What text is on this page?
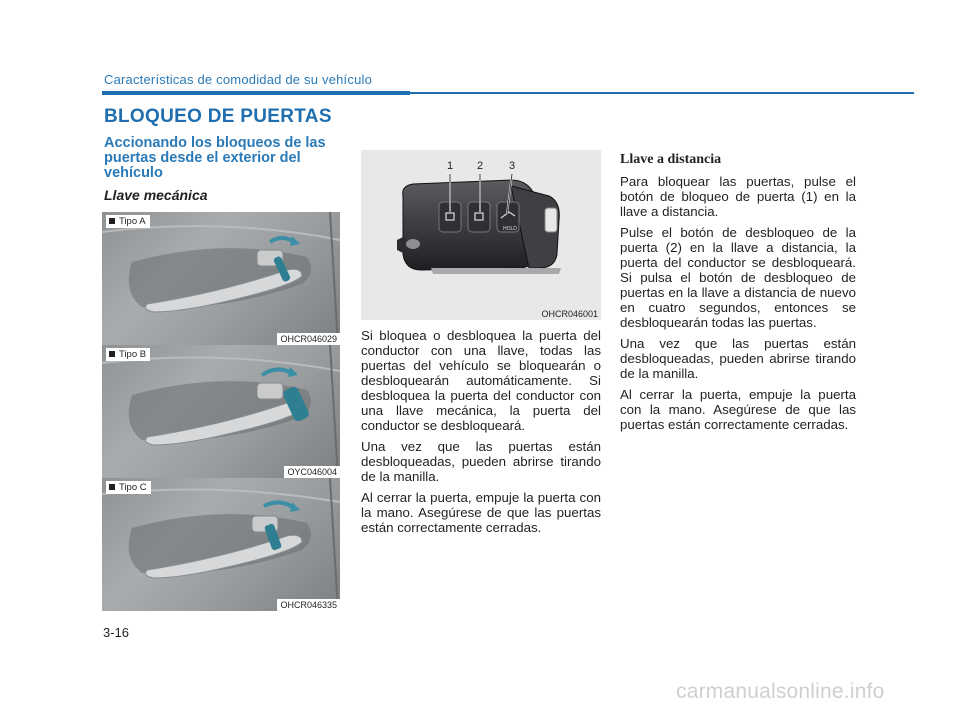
Características de comodidad de su vehículo
BLOQUEO DE PUERTAS
Accionando los bloqueos de las puertas desde el exterior del vehículo
Llave mecánica
Tipo A
OHCR046029
Tipo B
OYC046004
Tipo C
OHCR046335
HOLD
1 2 3
OHCR046001

Si bloquea o desbloquea la puerta del conductor con una llave, todas las puertas del vehículo se bloquearán o desbloquearán automáticamente. Si desbloquea la puerta del conductor con una llave mecánica, la puerta del conductor se desbloqueará.

Una vez que las puertas están desbloqueadas, pueden abrirse tirando de la manilla.

Al cerrar la puerta, empuje la puerta con la mano. Asegúrese de que las puertas están correctamente cerradas.

Llave a distancia

Para bloquear las puertas, pulse el botón de bloqueo de puerta (1) en la llave a distancia.

Pulse el botón de desbloqueo de la puerta (2) en la llave a distancia, la puerta del conductor se desbloqueará. Si pulsa el botón de desbloqueo de puertas en la llave a distancia de nuevo en cuatro segundos, entonces se desbloquearán todas las puertas.

Una vez que las puertas están desbloqueadas, pueden abrirse tirando de la manilla.

Al cerrar la puerta, empuje la puerta con la mano. Asegúrese de que las puertas están correctamente cerradas.

3-16
carmanualsonline.info
